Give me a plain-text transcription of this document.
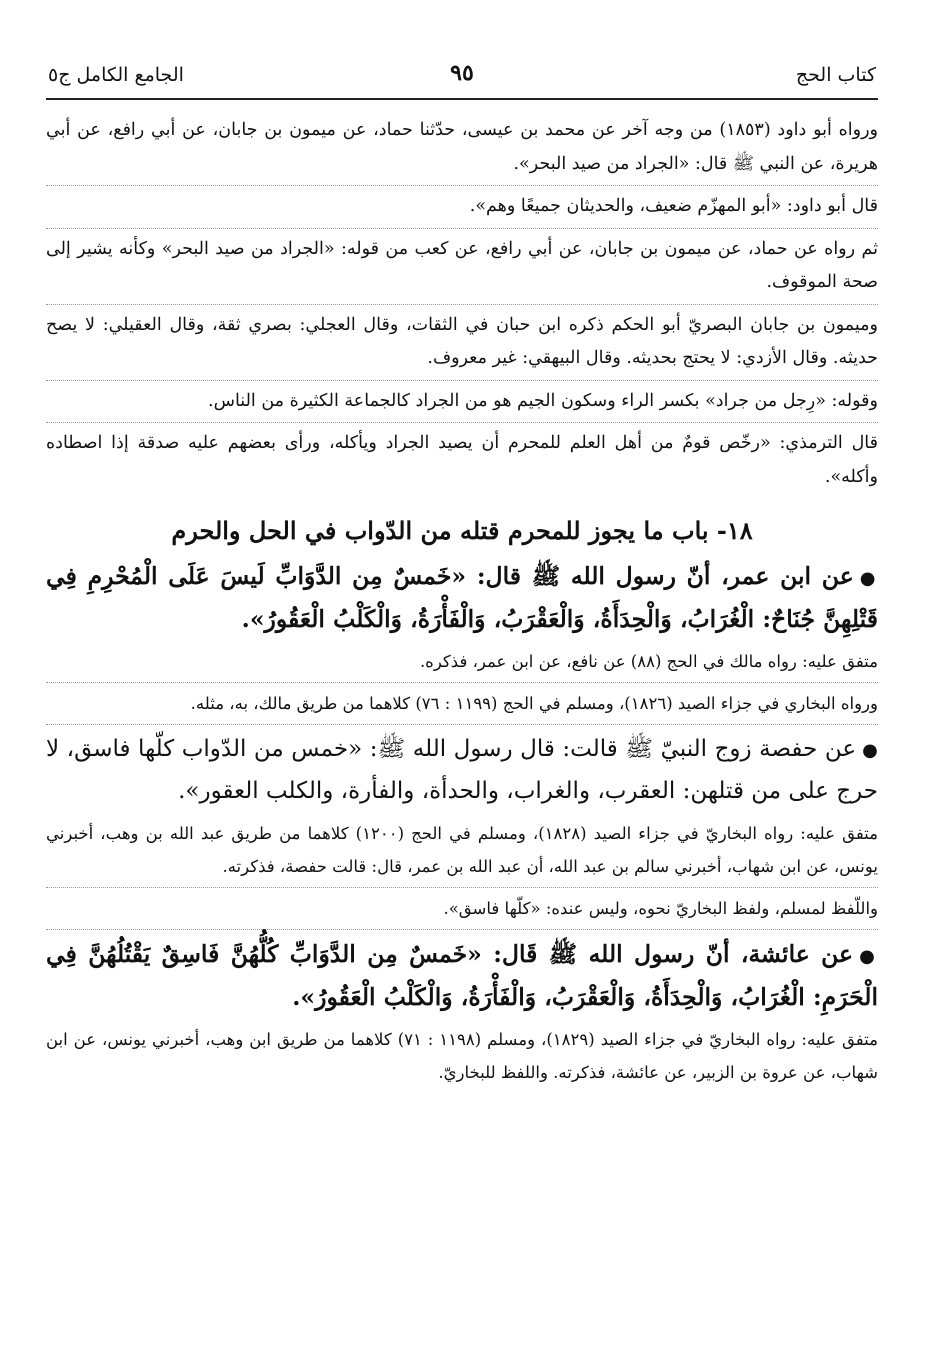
كتاب الحج
٩٥
الجامع الكامل ج٥

ورواه أبو داود (١٨٥٣) من وجه آخر عن محمد بن عيسى، حدّثنا حماد، عن ميمون بن جابان، عن أبي رافع، عن أبي هريرة، عن النبي ﷺ قال: «الجراد من صيد البحر».

قال أبو داود: «أبو المهزّم ضعيف، والحديثان جميعًا وهم».

ثم رواه عن حماد، عن ميمون بن جابان، عن أبي رافع، عن كعب من قوله: «الجراد من صيد البحر» وكأنه يشير إلى صحة الموقوف.

وميمون بن جابان البصريّ أبو الحكم ذكره ابن حبان في الثقات، وقال العجلي: بصري ثقة، وقال العقيلي: لا يصح حديثه. وقال الأزدي: لا يحتج بحديثه. وقال البيهقي: غير معروف.

وقوله: «رِجل من جراد» بكسر الراء وسكون الجيم هو من الجراد كالجماعة الكثيرة من الناس.

قال الترمذي: «رخّص قومٌ من أهل العلم للمحرم أن يصيد الجراد ويأكله، ورأى بعضهم عليه صدقة إذا اصطاده وأكله».

١٨- باب ما يجوز للمحرم قتله من الدّواب في الحل والحرم

●عن ابن عمر، أنّ رسول الله ﷺ قال: «خَمسٌ مِن الدَّوَابِّ لَيسَ عَلَى الْمُحْرِمِ فِي قَتْلِهِنَّ جُنَاحٌ: الْغُرَابُ، وَالْحِدَأَةُ، وَالْعَقْرَبُ، وَالْفَأْرَةُ، وَالْكَلْبُ الْعَقُورُ».

متفق عليه: رواه مالك في الحج (٨٨) عن نافع، عن ابن عمر، فذكره.

ورواه البخاري في جزاء الصيد (١٨٢٦)، ومسلم في الحج (١١٩٩ : ٧٦) كلاهما من طريق مالك، به، مثله.

●عن حفصة زوج النبيّ ﷺ قالت: قال رسول الله ﷺ: «خمس من الدّواب كلّها فاسق، لا حرج على من قتلهن: العقرب، والغراب، والحدأة، والفأرة، والكلب العقور».

متفق عليه: رواه البخاريّ في جزاء الصيد (١٨٢٨)، ومسلم في الحج (١٢٠٠) كلاهما من طريق عبد الله بن وهب، أخبرني يونس، عن ابن شهاب، أخبرني سالم بن عبد الله، أن عبد الله بن عمر، قال: قالت حفصة، فذكرته.

واللّفظ لمسلم، ولفظ البخاريّ نحوه، وليس عنده: «كلّها فاسق».

●عن عائشة، أنّ رسول الله ﷺ قَال: «خَمسٌ مِن الدَّوَابِّ كُلُّهُنَّ فَاسِقٌ يَقْتُلُهُنَّ فِي الْحَرَمِ: الْغُرَابُ، وَالْحِدَأَةُ، وَالْعَقْرَبُ، وَالْفَأْرَةُ، وَالْكَلْبُ الْعَقُورُ».

متفق عليه: رواه البخاريّ في جزاء الصيد (١٨٢٩)، ومسلم (١١٩٨ : ٧١) كلاهما من طريق ابن وهب، أخبرني يونس، عن ابن شهاب، عن عروة بن الزبير، عن عائشة، فذكرته. واللفظ للبخاريّ.
